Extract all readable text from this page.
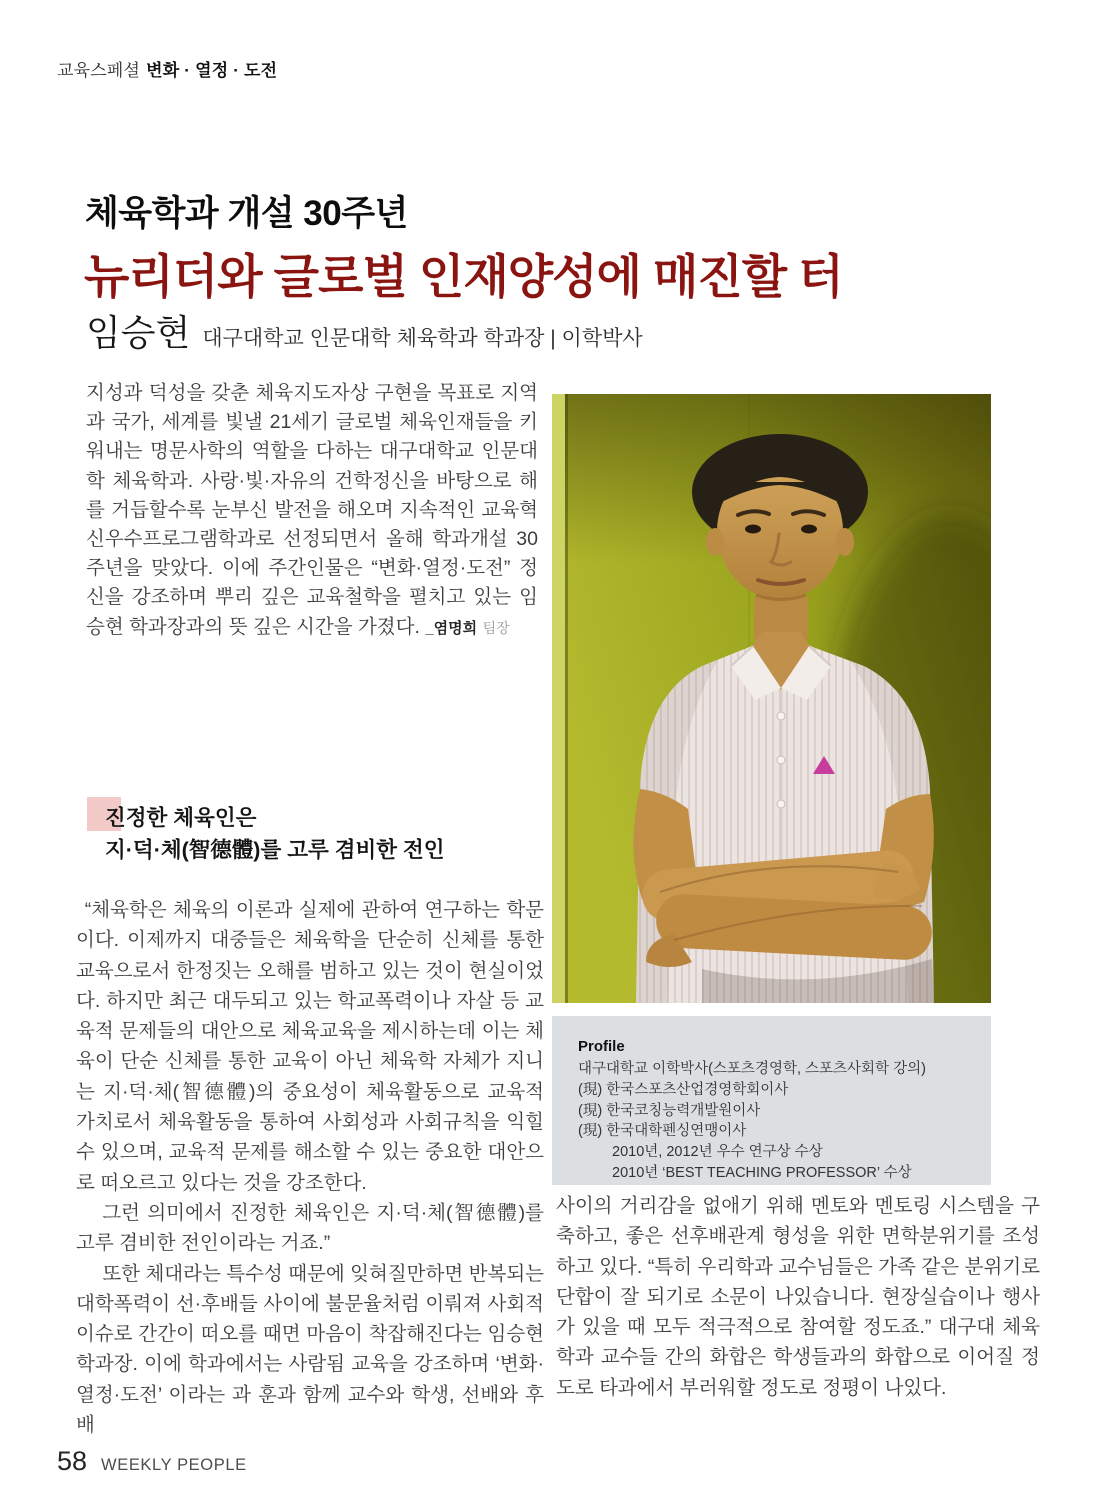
교육스페셜 변화 · 열정 · 도전
체육학과 개설 30주년
뉴리더와 글로벌 인재양성에 매진할 터
임승현 대구대학교 인문대학 체육학과 학과장 | 이학박사

지성과 덕성을 갖춘 체육지도자상 구현을 목표로 지역과 국가, 세계를 빛낼 21세기 글로벌 체육인재들을 키워내는 명문사학의 역할을 다하는 대구대학교 인문대학 체육학과. 사랑·빛·자유의 건학정신을 바탕으로 해를 거듭할수록 눈부신 발전을 해오며 지속적인 교육혁신우수프로그램학과로 선정되면서 올해 학과개설 30주년을 맞았다. 이에 주간인물은 “변화·열정·도전” 정신을 강조하며 뿌리 깊은 교육철학을 펼치고 있는 임승현 학과장과의 뜻 깊은 시간을 가졌다. _염명희 팀장

진정한 체육인은
지·덕·체(智德體)를 고루 겸비한 전인

“체육학은 체육의 이론과 실제에 관하여 연구하는 학문이다. 이제까지 대중들은 체육학을 단순히 신체를 통한 교육으로서 한정짓는 오해를 범하고 있는 것이 현실이었다. 하지만 최근 대두되고 있는 학교폭력이나 자살 등 교육적 문제들의 대안으로 체육교육을 제시하는데 이는 체육이 단순 신체를 통한 교육이 아닌 체육학 자체가 지니는 지·덕·체(智德體)의 중요성이 체육활동으로 교육적 가치로서 체육활동을 통하여 사회성과 사회규칙을 익힐 수 있으며, 교육적 문제를 해소할 수 있는 중요한 대안으로 떠오르고 있다는 것을 강조한다.

그런 의미에서 진정한 체육인은 지·덕·체(智德體)를 고루 겸비한 전인이라는 거죠.”

또한 체대라는 특수성 때문에 잊혀질만하면 반복되는 대학폭력이 선·후배들 사이에 불문율처럼 이뤄져 사회적 이슈로 간간이 떠오를 때면 마음이 착잡해진다는 임승현 학과장. 이에 학과에서는 사람됨 교육을 강조하며 ‘변화·열정·도전’ 이라는 과 훈과 함께 교수와 학생, 선배와 후배

Profile
대구대학교 이학박사(스포츠경영학, 스포츠사회학 강의)
(現) 한국스포츠산업경영학회이사
(現) 한국코칭능력개발원이사
(現) 한국대학펜싱연맹이사
2010년, 2012년 우수 연구상 수상
2010년 ‘BEST TEACHING PROFESSOR’ 수상

사이의 거리감을 없애기 위해 멘토와 멘토링 시스템을 구축하고, 좋은 선후배관계 형성을 위한 면학분위기를 조성하고 있다. “특히 우리학과 교수님들은 가족 같은 분위기로 단합이 잘 되기로 소문이 나있습니다. 현장실습이나 행사가 있을 때 모두 적극적으로 참여할 정도죠.” 대구대 체육학과 교수들 간의 화합은 학생들과의 화합으로 이어질 정도로 타과에서 부러워할 정도로 정평이 나있다.

58 WEEKLY PEOPLE
